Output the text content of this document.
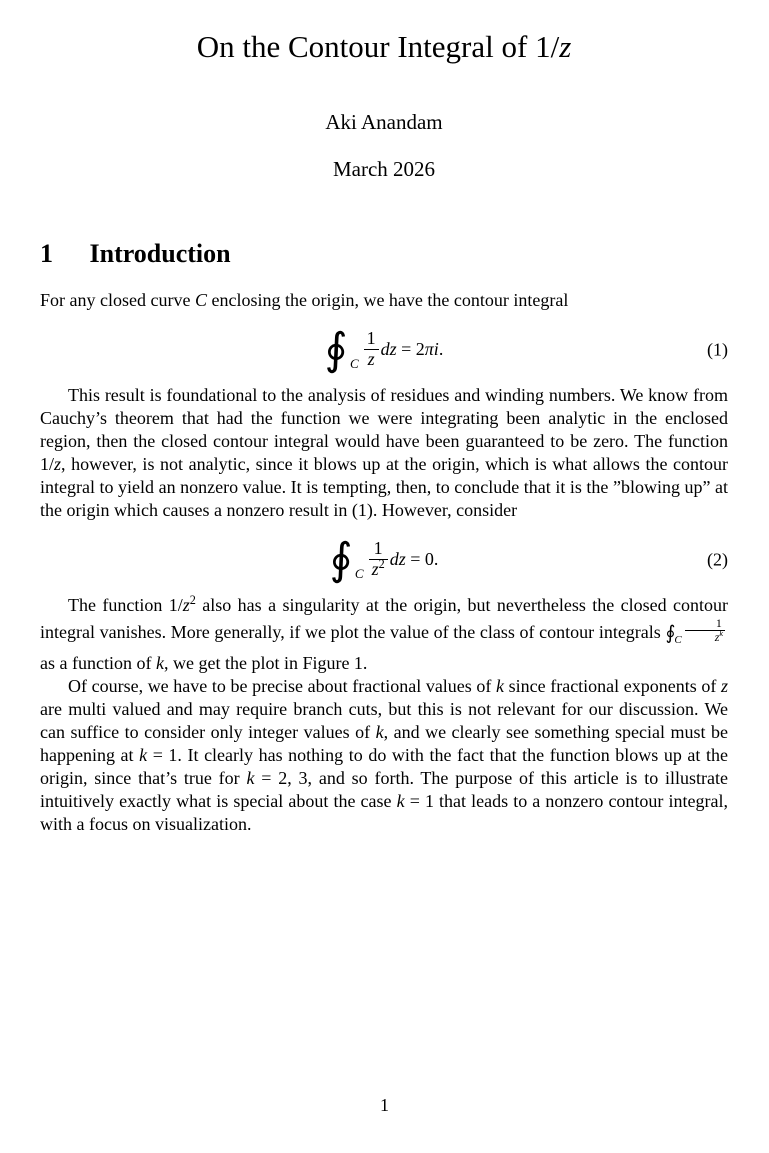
On the Contour Integral of 1/z
Aki Anandam
March 2026
1 Introduction

For any closed curve C enclosing the origin, we have the contour integral

∮ C $\frac{1}{z}$ dz = 2 πi .	(1)

This result is foundational to the analysis of residues and winding numbers. We know from Cauchy’s theorem that had the function we were integrating been analytic in the enclosed region, then the closed contour integral would have been guaranteed to be zero. The function 1/z, however, is not analytic, since it blows up at the origin, which is what allows the contour integral to yield an nonzero value. It is tempting, then, to conclude that it is the ”blowing up” at the origin which causes a nonzero result in (1). However, consider

∮ C $\frac{1}{z^2}$ dz = 0.	(2)

The function $1/z^2$ also has a singularity at the origin, but nevertheless the closed contour integral vanishes. More generally, if we plot the value of the class of contour integrals $∮_C \frac{1}{z^k}$
as a function of k, we get the plot in Figure 1.

Of course, we have to be precise about fractional values of k since fractional exponents of z are multi valued and may require branch cuts, but this is not relevant for our discussion. We can suffice to consider only integer values of k, and we clearly see something special must be happening at k = 1. It clearly has nothing to do with the fact that the function blows up at the origin, since that’s true for k = 2, 3, and so forth. The purpose of this article is to illustrate intuitively exactly what is special about the case k = 1 that leads to a nonzero contour integral, with a focus on visualization.

1
